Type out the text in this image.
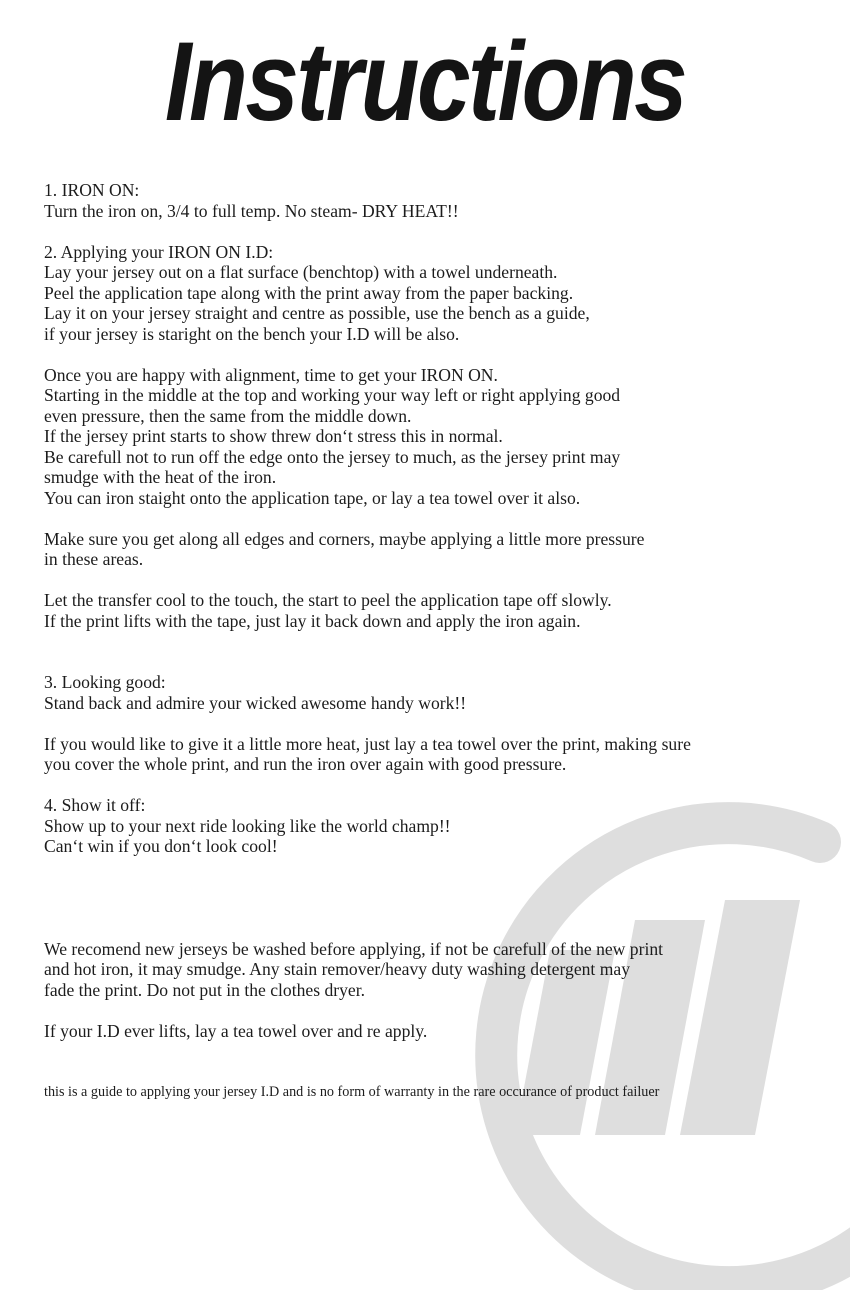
Instructions

1. IRON ON:

Turn the iron on, 3/4 to full temp. No steam- DRY HEAT!!

2. Applying your IRON ON I.D:

Lay your jersey out on a flat surface (benchtop) with a towel underneath.

Peel the application tape along with the print away from the paper backing.

Lay it on your jersey straight and centre as possible, use the bench as a guide,

if your jersey is staright on the bench your I.D will be also.

Once you are happy with alignment, time to get your IRON ON.

Starting in the middle at the top and working your way left or right applying good

even pressure, then the same from the middle down.

If the jersey print starts to show threw don‘t stress this in normal.

Be carefull not to run off the edge onto the jersey to much, as the jersey print may

smudge with the heat of the iron.

You can iron staight onto the application tape, or lay a tea towel over it also.

Make sure you get along all edges and corners, maybe applying a little more pressure

in these areas.

Let the transfer cool to the touch, the start to peel the application tape off slowly.

If the print lifts with the tape, just lay it back down and apply the iron again.

3. Looking good:

Stand back and admire your wicked awesome handy work!!

If you would like to give it a little more heat, just lay a tea towel over the print, making sure

you cover the whole print, and run the iron over again with good pressure.

4. Show it off:

Show up to your next ride looking like the world champ!!

Can‘t win if you don‘t look cool!

We recomend new jerseys be washed before applying, if not be carefull of the new print

and hot iron, it may smudge. Any stain remover/heavy duty washing detergent may

fade the print. Do not put in the clothes dryer.

If your I.D ever lifts, lay a tea towel over and re apply.

this is a guide to applying your jersey I.D and is no form of warranty in the rare occurance of product failuer
